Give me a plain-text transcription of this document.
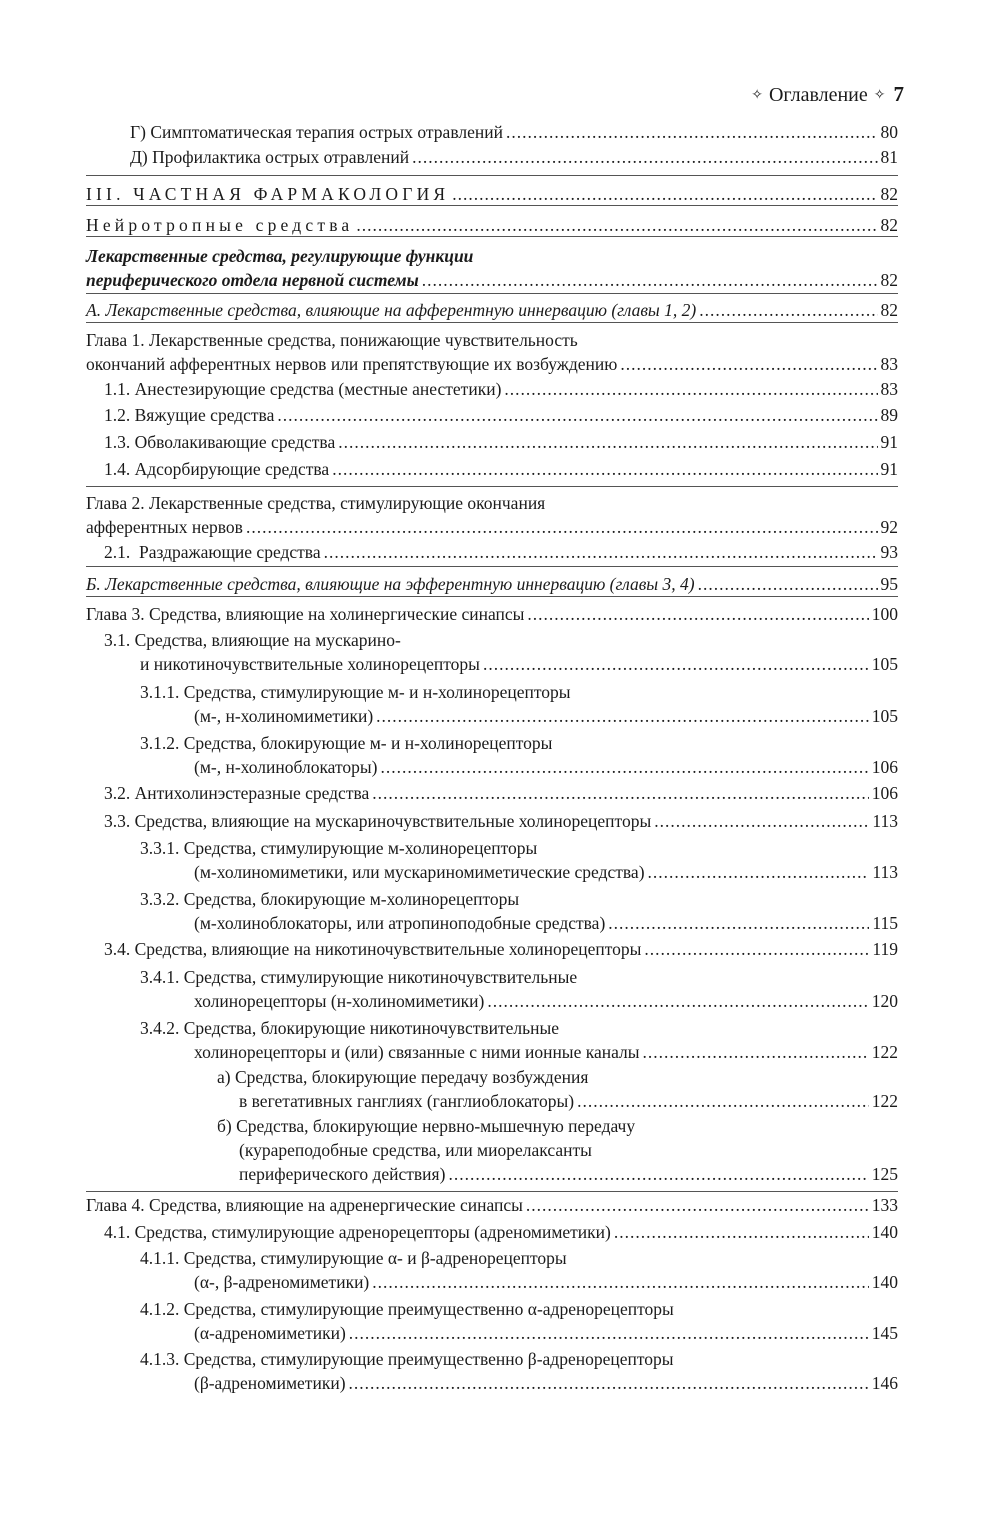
✧ Оглавление ✧ 7
Г) Симптоматическая терапия острых отравлений .....	80
Д) Профилактика острых отравлений .....	81
III. ЧАСТНАЯ ФАРМАКОЛОГИЯ .....	82
Нейротропные средства .....	82
Лекарственные средства, регулирующие функции
периферического отдела нервной системы .....	82
А. Лекарственные средства, влияющие на афферентную иннервацию (главы 1, 2) .....	82
Глава 1. Лекарственные средства, понижающие чувствительность
окончаний афферентных нервов или препятствующие их возбуждению .....	83
1.1. Анестезирующие средства (местные анестетики) .....	83
1.2. Вяжущие средства .....	89
1.3. Обволакивающие средства .....	91
1.4. Адсорбирующие средства .....	91
Глава 2. Лекарственные средства, стимулирующие окончания
афферентных нервов .....	92
2.1.  Раздражающие средства .....	93
Б. Лекарственные средства, влияющие на эфферентную иннервацию (главы 3, 4) .....	95
Глава 3. Средства, влияющие на холинергические синапсы .....	100
3.1. Средства, влияющие на мускарино-
и никотиночувствительные холинорецепторы .....	105
3.1.1. Средства, стимулирующие м- и н-холинорецепторы
(м-, н-холиномиметики) .....	105
3.1.2. Средства, блокирующие м- и н-холинорецепторы
(м-, н-холиноблокаторы) .....	106
3.2. Антихолинэстеразные средства .....	106
3.3. Средства, влияющие на мускариночувствительные холинорецепторы .....	113
3.3.1. Средства, стимулирующие м-холинорецепторы
(м-холиномиметики, или мускариномиметические средства) .....	113
3.3.2. Средства, блокирующие м-холинорецепторы
(м-холиноблокаторы, или атропиноподобные средства) .....	115
3.4. Средства, влияющие на никотиночувствительные холинорецепторы .....	119
3.4.1. Средства, стимулирующие никотиночувствительные
холинорецепторы (н-холиномиметики) .....	120
3.4.2. Средства, блокирующие никотиночувствительные
холинорецепторы и (или) связанные с ними ионные каналы .....	122
а) Средства, блокирующие передачу возбуждения
в вегетативных ганглиях (ганглиоблокаторы) .....	122
б) Средства, блокирующие нервно-мышечную передачу
(курареподобные средства, или миорелаксанты
периферического действия) .....	125
Глава 4. Средства, влияющие на адренергические синапсы .....	133
4.1. Средства, стимулирующие адренорецепторы (адреномиметики) .....	140
4.1.1. Средства, стимулирующие α- и β-адренорецепторы
(α-, β-адреномиметики) .....	140
4.1.2. Средства, стимулирующие преимущественно α-адренорецепторы
(α-адреномиметики) .....	145
4.1.3. Средства, стимулирующие преимущественно β-адренорецепторы
(β-адреномиметики) .....	146
